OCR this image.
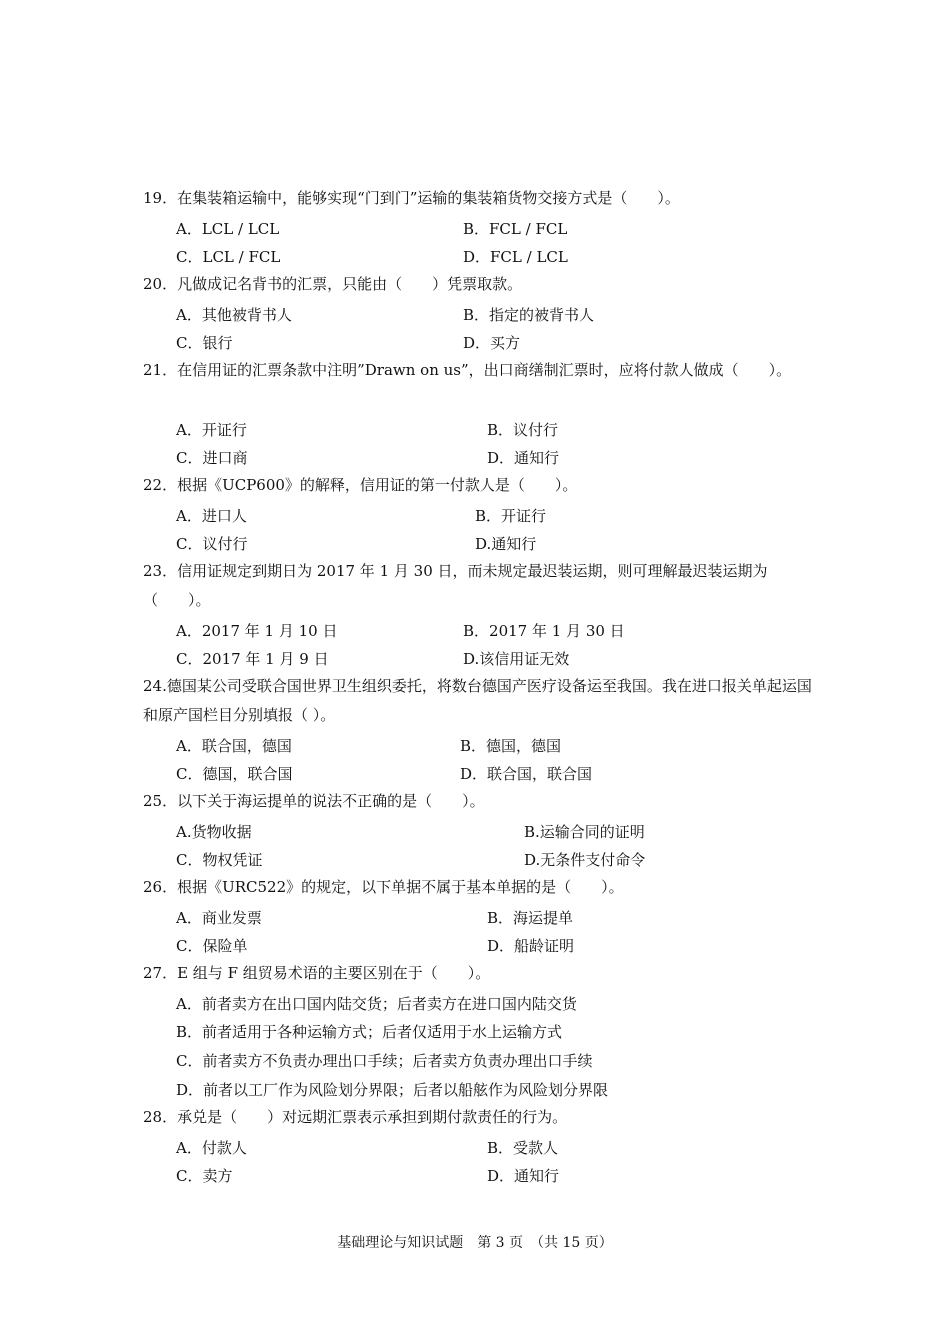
19．在集装箱运输中，能够实现“门到门”运输的集装箱货物交接方式是（　　）。
A．LCL / LCL	B．FCL / FCL
C．LCL / FCL	D．FCL / LCL
20．凡做成记名背书的汇票，只能由（　　）凭票取款。
A．其他被背书人	B．指定的被背书人
C．银行	D．买方
21．在信用证的汇票条款中注明”Drawn on us”，出口商缮制汇票时，应将付款人做成（　　）。
A．开证行	B．议付行
C．进口商	D．通知行
22．根据《UCP600》的解释，信用证的第一付款人是（　　）。
A．进口人	B．开证行
C．议付行	D.通知行
23．信用证规定到期日为 2017 年 1 月 30 日，而未规定最迟装运期，则可理解最迟装运期为（　　）。
A．2017 年 1 月 10 日	B．2017 年 1 月 30 日
C．2017 年 1 月 9 日	D.该信用证无效
24.德国某公司受联合国世界卫生组织委托，将数台德国产医疗设备运至我国。我在进口报关单起运国和原产国栏目分别填报（ ）。
A．联合国，德国	B．德国，德国
C．德国，联合国	D．联合国，联合国
25．以下关于海运提单的说法不正确的是（　　）。
A.货物收据	B.运输合同的证明
C．物权凭证	D.无条件支付命令
26．根据《URC522》的规定，以下单据不属于基本单据的是（　　）。
A．商业发票	B．海运提单
C．保险单	D．船龄证明
27．E 组与 F 组贸易术语的主要区别在于（　　）。
A．前者卖方在出口国内陆交货；后者卖方在进口国内陆交货
B．前者适用于各种运输方式；后者仅适用于水上运输方式
C．前者卖方不负责办理出口手续；后者卖方负责办理出口手续
D．前者以工厂作为风险划分界限；后者以船舷作为风险划分界限
28．承兑是（　　）对远期汇票表示承担到期付款责任的行为。
A．付款人	B．受款人
C．卖方	D．通知行
基础理论与知识试题　第 3 页　（共 15 页）
